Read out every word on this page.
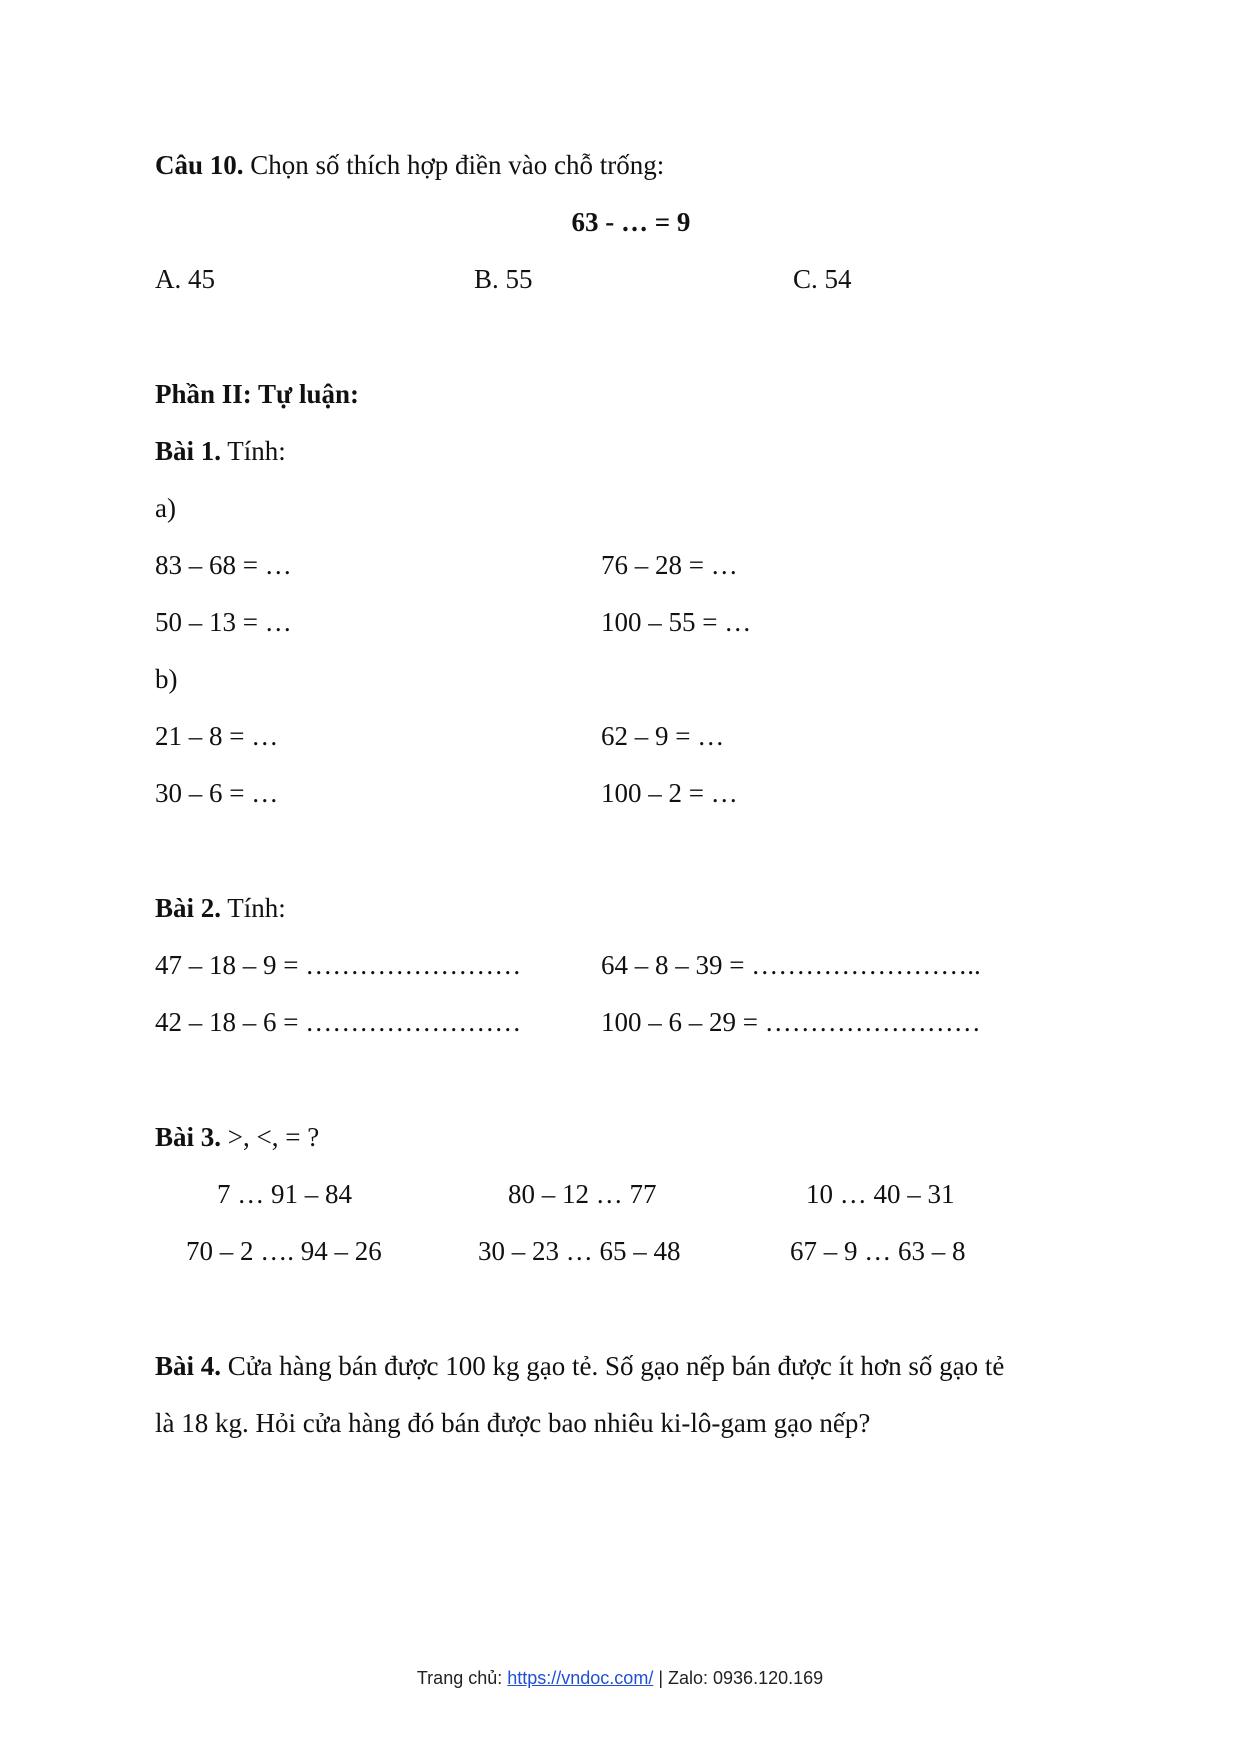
Câu 10. Chọn số thích hợp điền vào chỗ trống:
63 - … = 9
A. 45	B. 55	C. 54
Phần II: Tự luận:
Bài 1. Tính:
a)
83 – 68 = …	76 – 28 = …
50 – 13 = …	100 – 55 = …
b)
21 – 8 = …	62 – 9 = …
30 – 6 = …	100 – 2 = …
Bài 2. Tính:
47 – 18 – 9 = ……………………	64 – 8 – 39 = ……………………..
42 – 18 – 6 = ……………………	100 – 6 – 29 = ……………………
Bài 3. >, <, = ?
7 … 91 – 84	80 – 12 … 77	10 … 40 – 31
70 – 2 …. 94 – 26	30 – 23 … 65 – 48	67 – 9 … 63 – 8
Bài 4. Cửa hàng bán được 100 kg gạo tẻ. Số gạo nếp bán được ít hơn số gạo tẻ
là 18 kg. Hỏi cửa hàng đó bán được bao nhiêu ki-lô-gam gạo nếp?
Trang chủ: https://vndoc.com/ | Zalo: 0936.120.169
